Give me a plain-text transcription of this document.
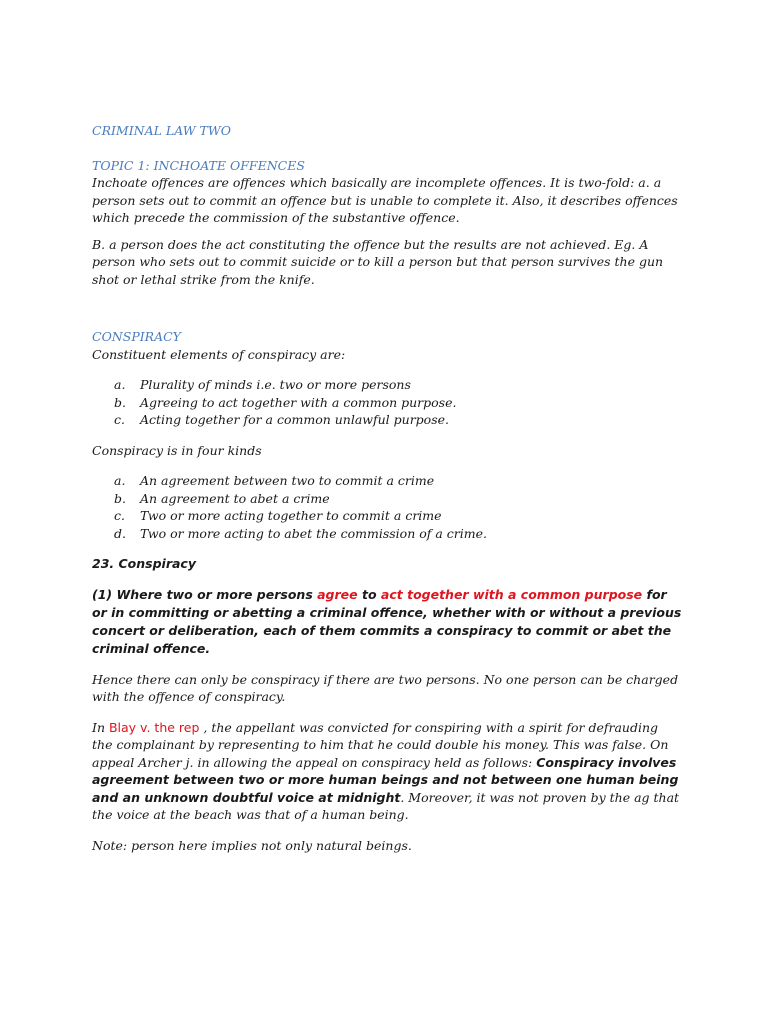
CRIMINAL LAW TWO
TOPIC 1: INCHOATE OFFENCES

Inchoate offences are offences which basically are incomplete offences. It is two-fold: a. a person sets out to commit an offence but is unable to complete it. Also, it describes offences which precede the commission of the substantive offence.

B. a person does the act constituting the offence but the results are not achieved. Eg. A person who sets out to commit suicide or to kill a person but that person survives the gun shot or lethal strike from the knife.

CONSPIRACY

Constituent elements of conspiracy are:

a. Plurality of minds i.e. two or more persons
b. Agreeing to act together with a common purpose.
c. Acting together for a common unlawful purpose.

Conspiracy is in four kinds

a. An agreement between two to commit a crime
b. An agreement to abet a crime
c. Two or more acting together to commit a crime
d. Two or more acting to abet the commission of a crime.
23. Conspiracy

(1) Where two or more persons agree to act together with a common purpose for or in committing or abetting a criminal offence, whether with or without a previous concert or deliberation, each of them commits a conspiracy to commit or abet the criminal offence.

Hence there can only be conspiracy if there are two persons. No one person can be charged with the offence of conspiracy.

In Blay v. the rep , the appellant was convicted for conspiring with a spirit for defrauding the complainant by representing to him that he could double his money. This was false. On appeal Archer j. in allowing the appeal on conspiracy held as follows: Conspiracy involves agreement between two or more human beings and not between one human being and an unknown doubtful voice at midnight. Moreover, it was not proven by the ag that the voice at the beach was that of a human being.

Note: person here implies not only natural beings.
